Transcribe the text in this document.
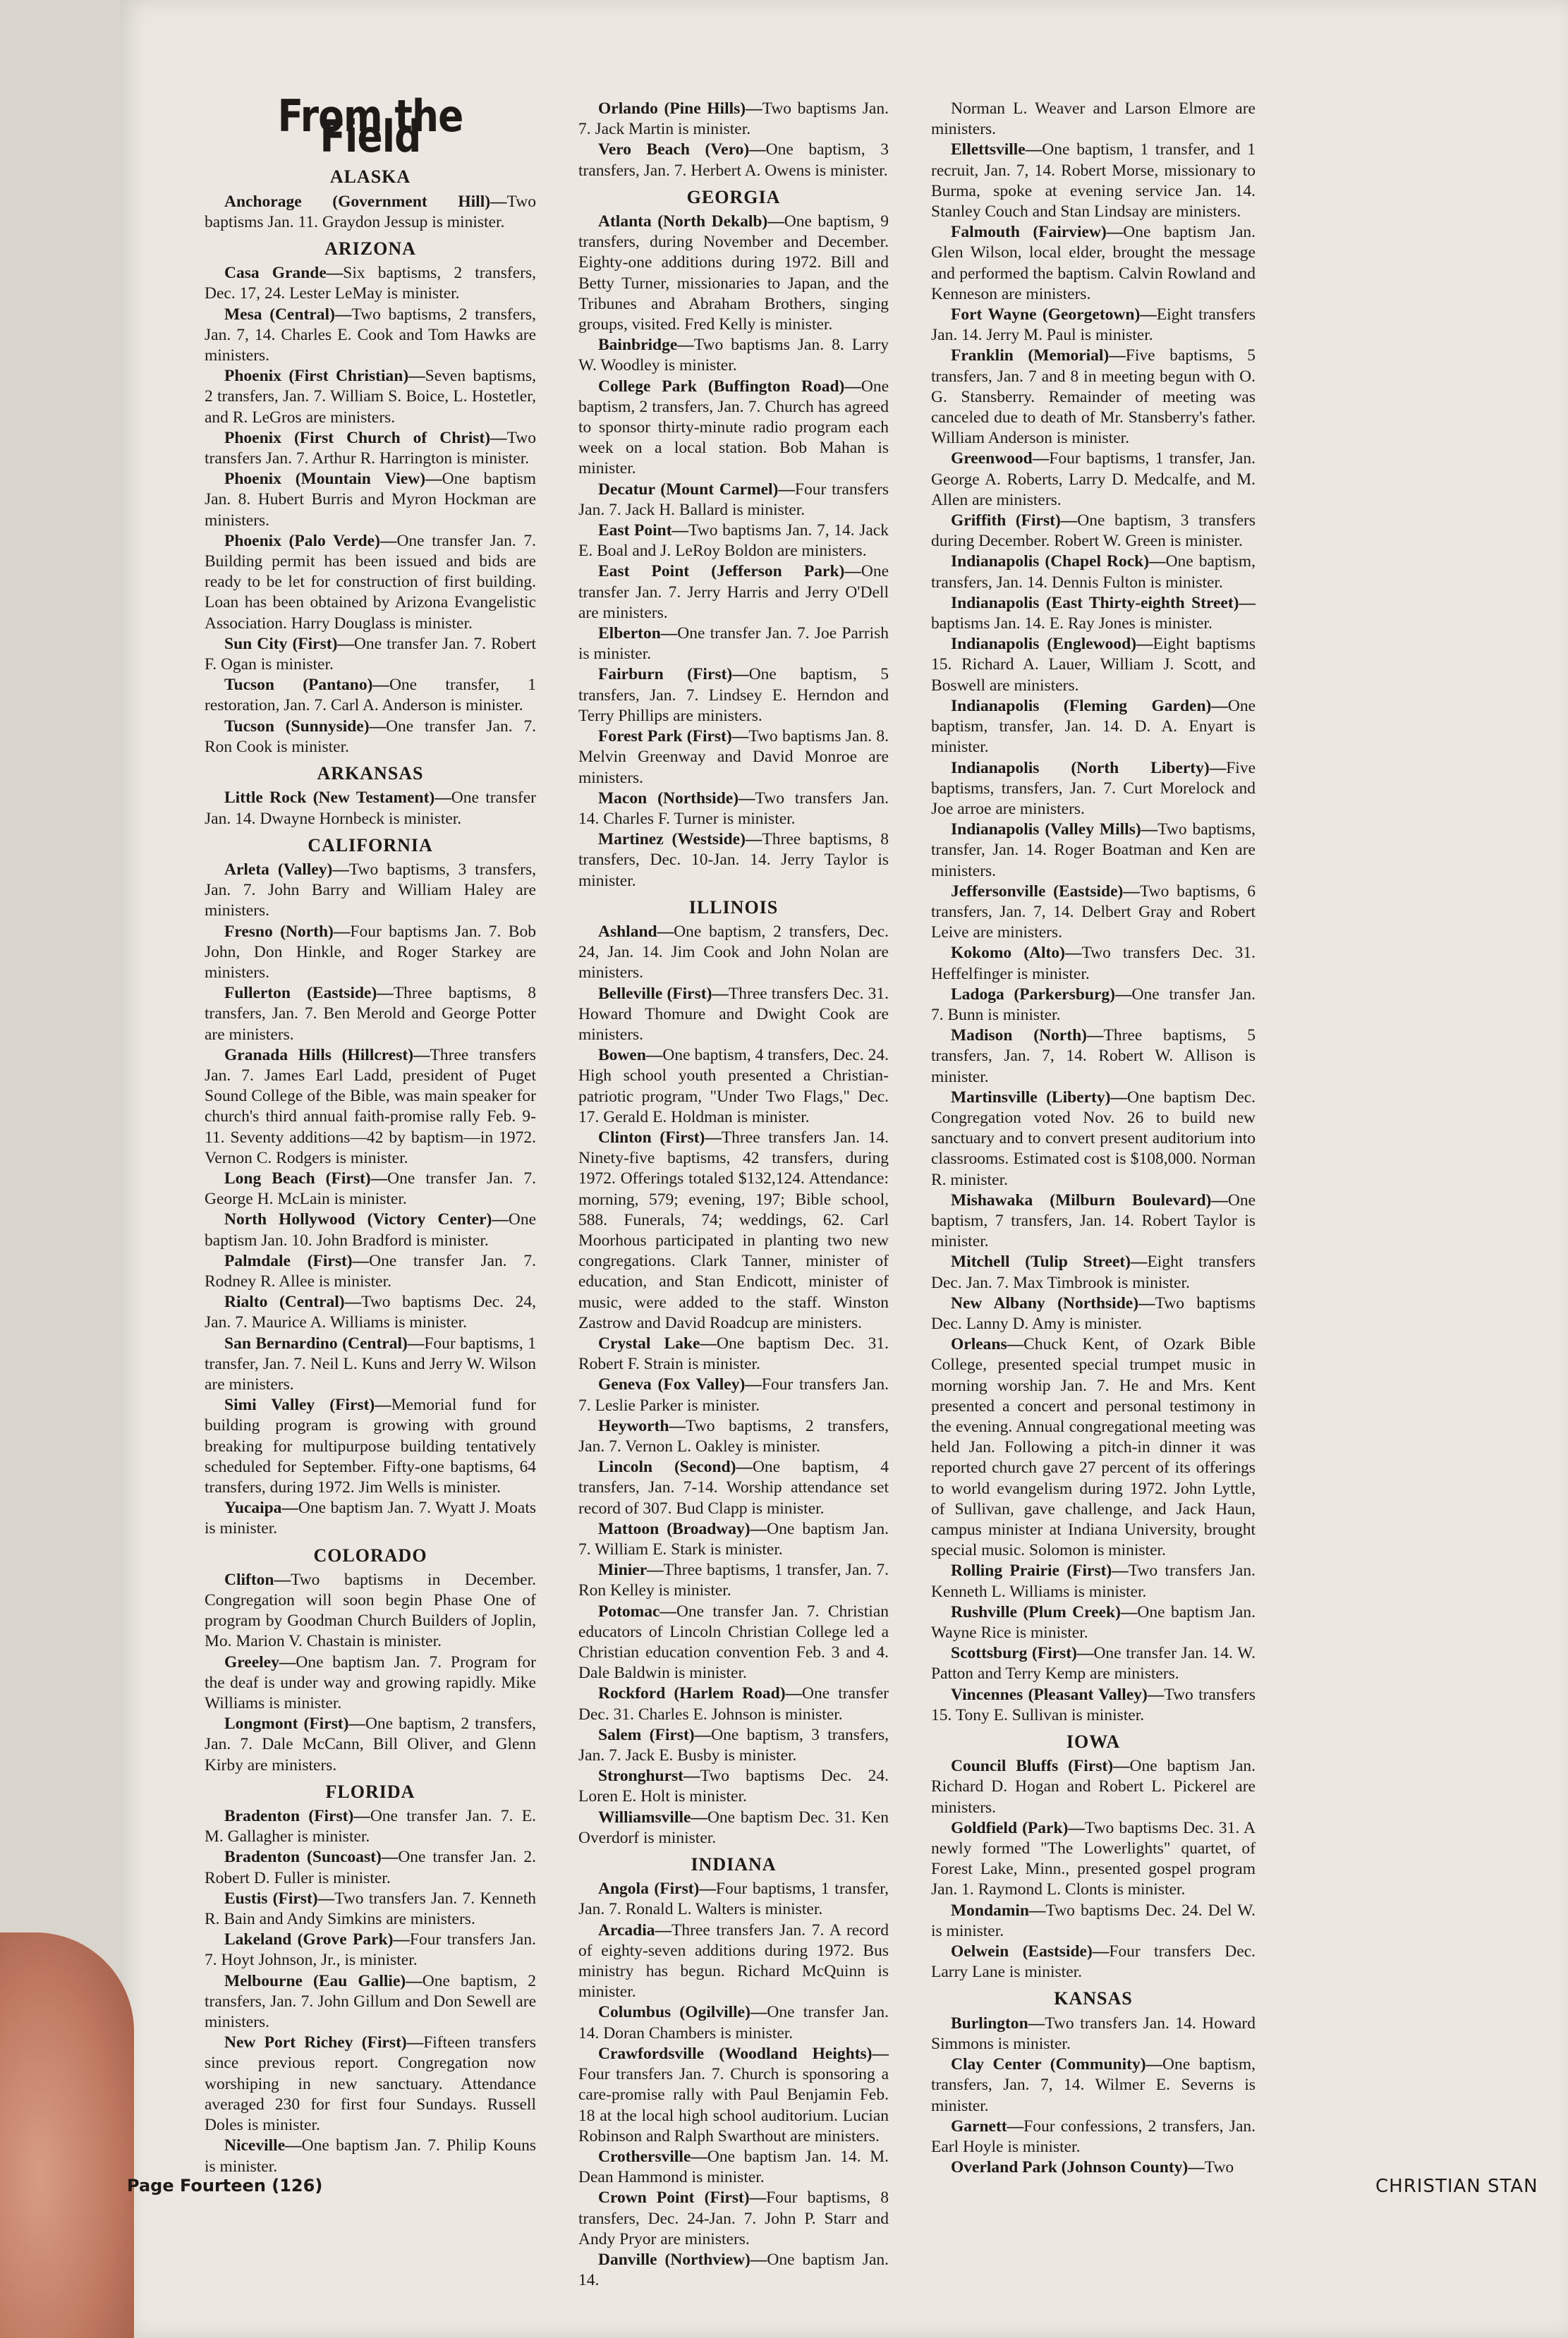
From the Field
ALASKA

Anchorage (Government Hill)—Two baptisms Jan. 11. Graydon Jessup is minister.

ARIZONA

Casa Grande—Six baptisms, 2 transfers, Dec. 17, 24. Lester LeMay is minister.

Mesa (Central)—Two baptisms, 2 transfers, Jan. 7, 14. Charles E. Cook and Tom Hawks are ministers.

Phoenix (First Christian)—Seven baptisms, 2 transfers, Jan. 7. William S. Boice, L. Hostetler, and R. LeGros are ministers.

Phoenix (First Church of Christ)—Two transfers Jan. 7. Arthur R. Harrington is minister.

Phoenix (Mountain View)—One baptism Jan. 8. Hubert Burris and Myron Hockman are ministers.

Phoenix (Palo Verde)—One transfer Jan. 7. Building permit has been issued and bids are ready to be let for construction of first building. Loan has been obtained by Arizona Evangelistic Association. Harry Douglass is minister.

Sun City (First)—One transfer Jan. 7. Robert F. Ogan is minister.

Tucson (Pantano)—One transfer, 1 restoration, Jan. 7. Carl A. Anderson is minister.

Tucson (Sunnyside)—One transfer Jan. 7. Ron Cook is minister.

ARKANSAS

Little Rock (New Testament)—One transfer Jan. 14. Dwayne Hornbeck is minister.

CALIFORNIA

Arleta (Valley)—Two baptisms, 3 transfers, Jan. 7. John Barry and William Haley are ministers.

Fresno (North)—Four baptisms Jan. 7. Bob John, Don Hinkle, and Roger Starkey are ministers.

Fullerton (Eastside)—Three baptisms, 8 transfers, Jan. 7. Ben Merold and George Potter are ministers.

Granada Hills (Hillcrest)—Three transfers Jan. 7. James Earl Ladd, president of Puget Sound College of the Bible, was main speaker for church's third annual faith-promise rally Feb. 9-11. Seventy additions—42 by baptism—in 1972. Vernon C. Rodgers is minister.

Long Beach (First)—One transfer Jan. 7. George H. McLain is minister.

North Hollywood (Victory Center)—One baptism Jan. 10. John Bradford is minister.

Palmdale (First)—One transfer Jan. 7. Rodney R. Allee is minister.

Rialto (Central)—Two baptisms Dec. 24, Jan. 7. Maurice A. Williams is minister.

San Bernardino (Central)—Four baptisms, 1 transfer, Jan. 7. Neil L. Kuns and Jerry W. Wilson are ministers.

Simi Valley (First)—Memorial fund for building program is growing with ground breaking for multipurpose building tentatively scheduled for September. Fifty-one baptisms, 64 transfers, during 1972. Jim Wells is minister.

Yucaipa—One baptism Jan. 7. Wyatt J. Moats is minister.

COLORADO

Clifton—Two baptisms in December. Congregation will soon begin Phase One of program by Goodman Church Builders of Joplin, Mo. Marion V. Chastain is minister.

Greeley—One baptism Jan. 7. Program for the deaf is under way and growing rapidly. Mike Williams is minister.

Longmont (First)—One baptism, 2 transfers, Jan. 7. Dale McCann, Bill Oliver, and Glenn Kirby are ministers.

FLORIDA

Bradenton (First)—One transfer Jan. 7. E. M. Gallagher is minister.

Bradenton (Suncoast)—One transfer Jan. 2. Robert D. Fuller is minister.

Eustis (First)—Two transfers Jan. 7. Kenneth R. Bain and Andy Simkins are ministers.

Lakeland (Grove Park)—Four transfers Jan. 7. Hoyt Johnson, Jr., is minister.

Melbourne (Eau Gallie)—One baptism, 2 transfers, Jan. 7. John Gillum and Don Sewell are ministers.

New Port Richey (First)—Fifteen transfers since previous report. Congregation now worshiping in new sanctuary. Attendance averaged 230 for first four Sundays. Russell Doles is minister.

Niceville—One baptism Jan. 7. Philip Kouns is minister.

Orlando (Pine Hills)—Two baptisms Jan. 7. Jack Martin is minister.

Vero Beach (Vero)—One baptism, 3 transfers, Jan. 7. Herbert A. Owens is minister.

GEORGIA

Atlanta (North Dekalb)—One baptism, 9 transfers, during November and December. Eighty-one additions during 1972. Bill and Betty Turner, missionaries to Japan, and the Tribunes and Abraham Brothers, singing groups, visited. Fred Kelly is minister.

Bainbridge—Two baptisms Jan. 8. Larry W. Woodley is minister.

College Park (Buffington Road)—One baptism, 2 transfers, Jan. 7. Church has agreed to sponsor thirty-minute radio program each week on a local station. Bob Mahan is minister.

Decatur (Mount Carmel)—Four transfers Jan. 7. Jack H. Ballard is minister.

East Point—Two baptisms Jan. 7, 14. Jack E. Boal and J. LeRoy Boldon are ministers.

East Point (Jefferson Park)—One transfer Jan. 7. Jerry Harris and Jerry O'Dell are ministers.

Elberton—One transfer Jan. 7. Joe Parrish is minister.

Fairburn (First)—One baptism, 5 transfers, Jan. 7. Lindsey E. Herndon and Terry Phillips are ministers.

Forest Park (First)—Two baptisms Jan. 8. Melvin Greenway and David Monroe are ministers.

Macon (Northside)—Two transfers Jan. 14. Charles F. Turner is minister.

Martinez (Westside)—Three baptisms, 8 transfers, Dec. 10-Jan. 14. Jerry Taylor is minister.

ILLINOIS

Ashland—One baptism, 2 transfers, Dec. 24, Jan. 14. Jim Cook and John Nolan are ministers.

Belleville (First)—Three transfers Dec. 31. Howard Thomure and Dwight Cook are ministers.

Bowen—One baptism, 4 transfers, Dec. 24. High school youth presented a Christian-patriotic program, "Under Two Flags," Dec. 17. Gerald E. Holdman is minister.

Clinton (First)—Three transfers Jan. 14. Ninety-five baptisms, 42 transfers, during 1972. Offerings totaled $132,124. Attendance: morning, 579; evening, 197; Bible school, 588. Funerals, 74; weddings, 62. Carl Moorhous participated in planting two new congregations. Clark Tanner, minister of education, and Stan Endicott, minister of music, were added to the staff. Winston Zastrow and David Roadcup are ministers.

Crystal Lake—One baptism Dec. 31. Robert F. Strain is minister.

Geneva (Fox Valley)—Four transfers Jan. 7. Leslie Parker is minister.

Heyworth—Two baptisms, 2 transfers, Jan. 7. Vernon L. Oakley is minister.

Lincoln (Second)—One baptism, 4 transfers, Jan. 7-14. Worship attendance set record of 307. Bud Clapp is minister.

Mattoon (Broadway)—One baptism Jan. 7. William E. Stark is minister.

Minier—Three baptisms, 1 transfer, Jan. 7. Ron Kelley is minister.

Potomac—One transfer Jan. 7. Christian educators of Lincoln Christian College led a Christian education convention Feb. 3 and 4. Dale Baldwin is minister.

Rockford (Harlem Road)—One transfer Dec. 31. Charles E. Johnson is minister.

Salem (First)—One baptism, 3 transfers, Jan. 7. Jack E. Busby is minister.

Stronghurst—Two baptisms Dec. 24. Loren E. Holt is minister.

Williamsville—One baptism Dec. 31. Ken Overdorf is minister.

INDIANA

Angola (First)—Four baptisms, 1 transfer, Jan. 7. Ronald L. Walters is minister.

Arcadia—Three transfers Jan. 7. A record of eighty-seven additions during 1972. Bus ministry has begun. Richard McQuinn is minister.

Columbus (Ogilville)—One transfer Jan. 14. Doran Chambers is minister.

Crawfordsville (Woodland Heights)—Four transfers Jan. 7. Church is sponsoring a care-promise rally with Paul Benjamin Feb. 18 at the local high school auditorium. Lucian Robinson and Ralph Swarthout are ministers.

Crothersville—One baptism Jan. 14. M. Dean Hammond is minister.

Crown Point (First)—Four baptisms, 8 transfers, Dec. 24-Jan. 7. John P. Starr and Andy Pryor are ministers.

Danville (Northview)—One baptism Jan. 14.

Norman L. Weaver and Larson Elmore are ministers.

Ellettsville—One baptism, 1 transfer, and 1 recruit, Jan. 7, 14. Robert Morse, missionary to Burma, spoke at evening service Jan. 14. Stanley Couch and Stan Lindsay are ministers.

Falmouth (Fairview)—One baptism Jan. Glen Wilson, local elder, brought the message and performed the baptism. Calvin Rowland and Kenneson are ministers.

Fort Wayne (Georgetown)—Eight transfers Jan. 14. Jerry M. Paul is minister.

Franklin (Memorial)—Five baptisms, 5 transfers, Jan. 7 and 8 in meeting begun with O. G. Stansberry. Remainder of meeting was canceled due to death of Mr. Stansberry's father. William Anderson is minister.

Greenwood—Four baptisms, 1 transfer, Jan. George A. Roberts, Larry D. Medcalfe, and M. Allen are ministers.

Griffith (First)—One baptism, 3 transfers during December. Robert W. Green is minister.

Indianapolis (Chapel Rock)—One baptism, transfers, Jan. 14. Dennis Fulton is minister.

Indianapolis (East Thirty-eighth Street)—baptisms Jan. 14. E. Ray Jones is minister.

Indianapolis (Englewood)—Eight baptisms 15. Richard A. Lauer, William J. Scott, and Boswell are ministers.

Indianapolis (Fleming Garden)—One baptism, transfer, Jan. 14. D. A. Enyart is minister.

Indianapolis (North Liberty)—Five baptisms, transfers, Jan. 7. Curt Morelock and Joe arroe are ministers.

Indianapolis (Valley Mills)—Two baptisms, transfer, Jan. 14. Roger Boatman and Ken are ministers.

Jeffersonville (Eastside)—Two baptisms, 6 transfers, Jan. 7, 14. Delbert Gray and Robert Leive are ministers.

Kokomo (Alto)—Two transfers Dec. 31. Heffelfinger is minister.

Ladoga (Parkersburg)—One transfer Jan. 7. Bunn is minister.

Madison (North)—Three baptisms, 5 transfers, Jan. 7, 14. Robert W. Allison is minister.

Martinsville (Liberty)—One baptism Dec. Congregation voted Nov. 26 to build new sanctuary and to convert present auditorium into classrooms. Estimated cost is $108,000. Norman R. minister.

Mishawaka (Milburn Boulevard)—One baptism, 7 transfers, Jan. 14. Robert Taylor is minister.

Mitchell (Tulip Street)—Eight transfers Dec. Jan. 7. Max Timbrook is minister.

New Albany (Northside)—Two baptisms Dec. Lanny D. Amy is minister.

Orleans—Chuck Kent, of Ozark Bible College, presented special trumpet music in morning worship Jan. 7. He and Mrs. Kent presented a concert and personal testimony in the evening. Annual congregational meeting was held Jan. Following a pitch-in dinner it was reported church gave 27 percent of its offerings to world evangelism during 1972. John Lyttle, of Sullivan, gave challenge, and Jack Haun, campus minister at Indiana University, brought special music. Solomon is minister.

Rolling Prairie (First)—Two transfers Jan. Kenneth L. Williams is minister.

Rushville (Plum Creek)—One baptism Jan. Wayne Rice is minister.

Scottsburg (First)—One transfer Jan. 14. W. Patton and Terry Kemp are ministers.

Vincennes (Pleasant Valley)—Two transfers 15. Tony E. Sullivan is minister.

IOWA

Council Bluffs (First)—One baptism Jan. Richard D. Hogan and Robert L. Pickerel are ministers.

Goldfield (Park)—Two baptisms Dec. 31. A newly formed "The Lowerlights" quartet, of Forest Lake, Minn., presented gospel program Jan. 1. Raymond L. Clonts is minister.

Mondamin—Two baptisms Dec. 24. Del W. is minister.

Oelwein (Eastside)—Four transfers Dec. Larry Lane is minister.

KANSAS

Burlington—Two transfers Jan. 14. Howard Simmons is minister.

Clay Center (Community)—One baptism, transfers, Jan. 7, 14. Wilmer E. Severns is minister.

Garnett—Four confessions, 2 transfers, Jan. Earl Hoyle is minister.

Overland Park (Johnson County)—Two

Page Fourteen (126)	CHRISTIAN STAN
